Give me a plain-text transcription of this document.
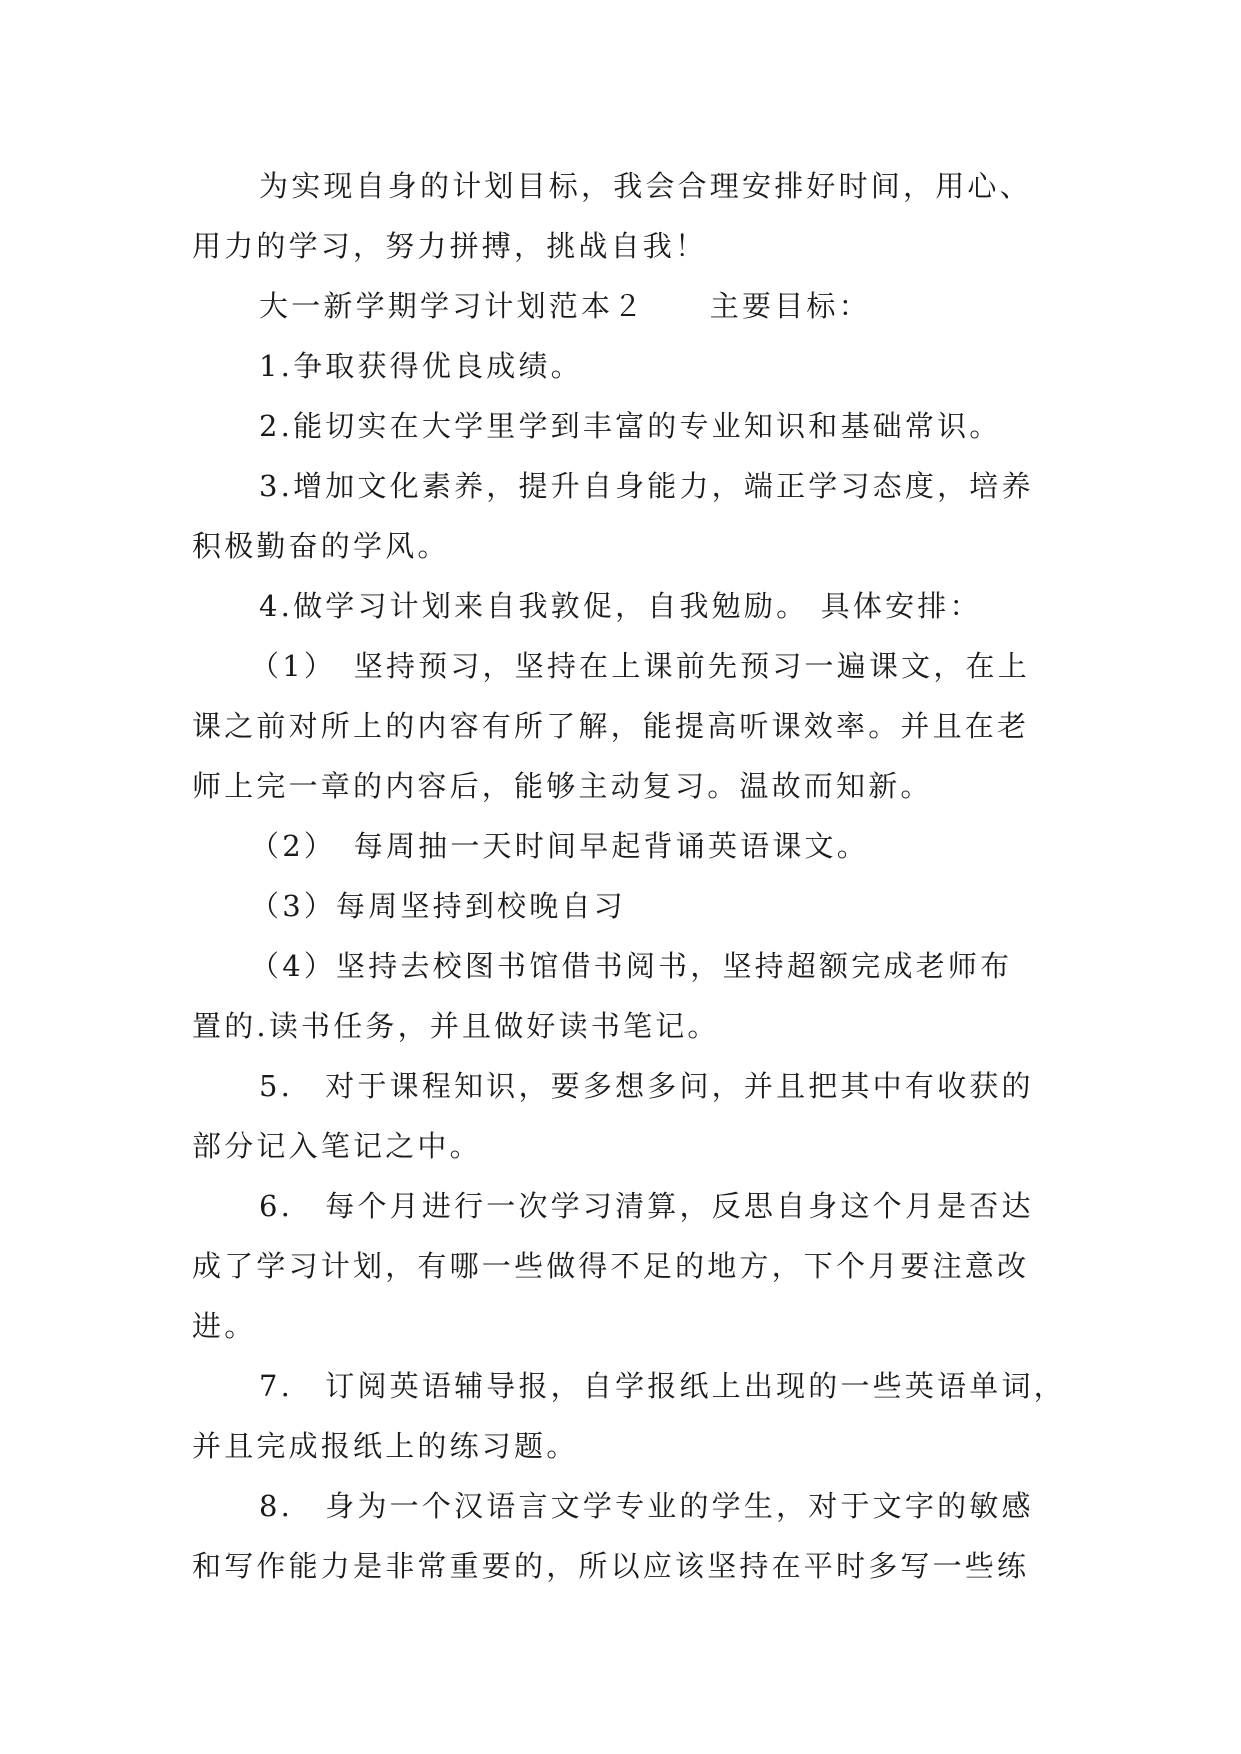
为实现自身的计划目标，我会合理安排好时间，用心、
用力的学习，努力拼搏，挑战自我！
大一新学期学习计划范本２　　主要目标：
1.争取获得优良成绩。
2.能切实在大学里学到丰富的专业知识和基础常识。
3.增加文化素养，提升自身能力，端正学习态度，培养
积极勤奋的学风。
4.做学习计划来自我敦促，自我勉励。 具体安排：
（1）　坚持预习，坚持在上课前先预习一遍课文，在上
课之前对所上的内容有所了解，能提高听课效率。并且在老
师上完一章的内容后，能够主动复习。温故而知新。
（2）　每周抽一天时间早起背诵英语课文。
（3）每周坚持到校晚自习
（4）坚持去校图书馆借书阅书，坚持超额完成老师布
置的.读书任务，并且做好读书笔记。
5.　对于课程知识，要多想多问，并且把其中有收获的
部分记入笔记之中。
6.　每个月进行一次学习清算，反思自身这个月是否达
成了学习计划，有哪一些做得不足的地方，下个月要注意改
进。
7.　订阅英语辅导报，自学报纸上出现的一些英语单词，
并且完成报纸上的练习题。
8.　身为一个汉语言文学专业的学生，对于文字的敏感
和写作能力是非常重要的，所以应该坚持在平时多写一些练
